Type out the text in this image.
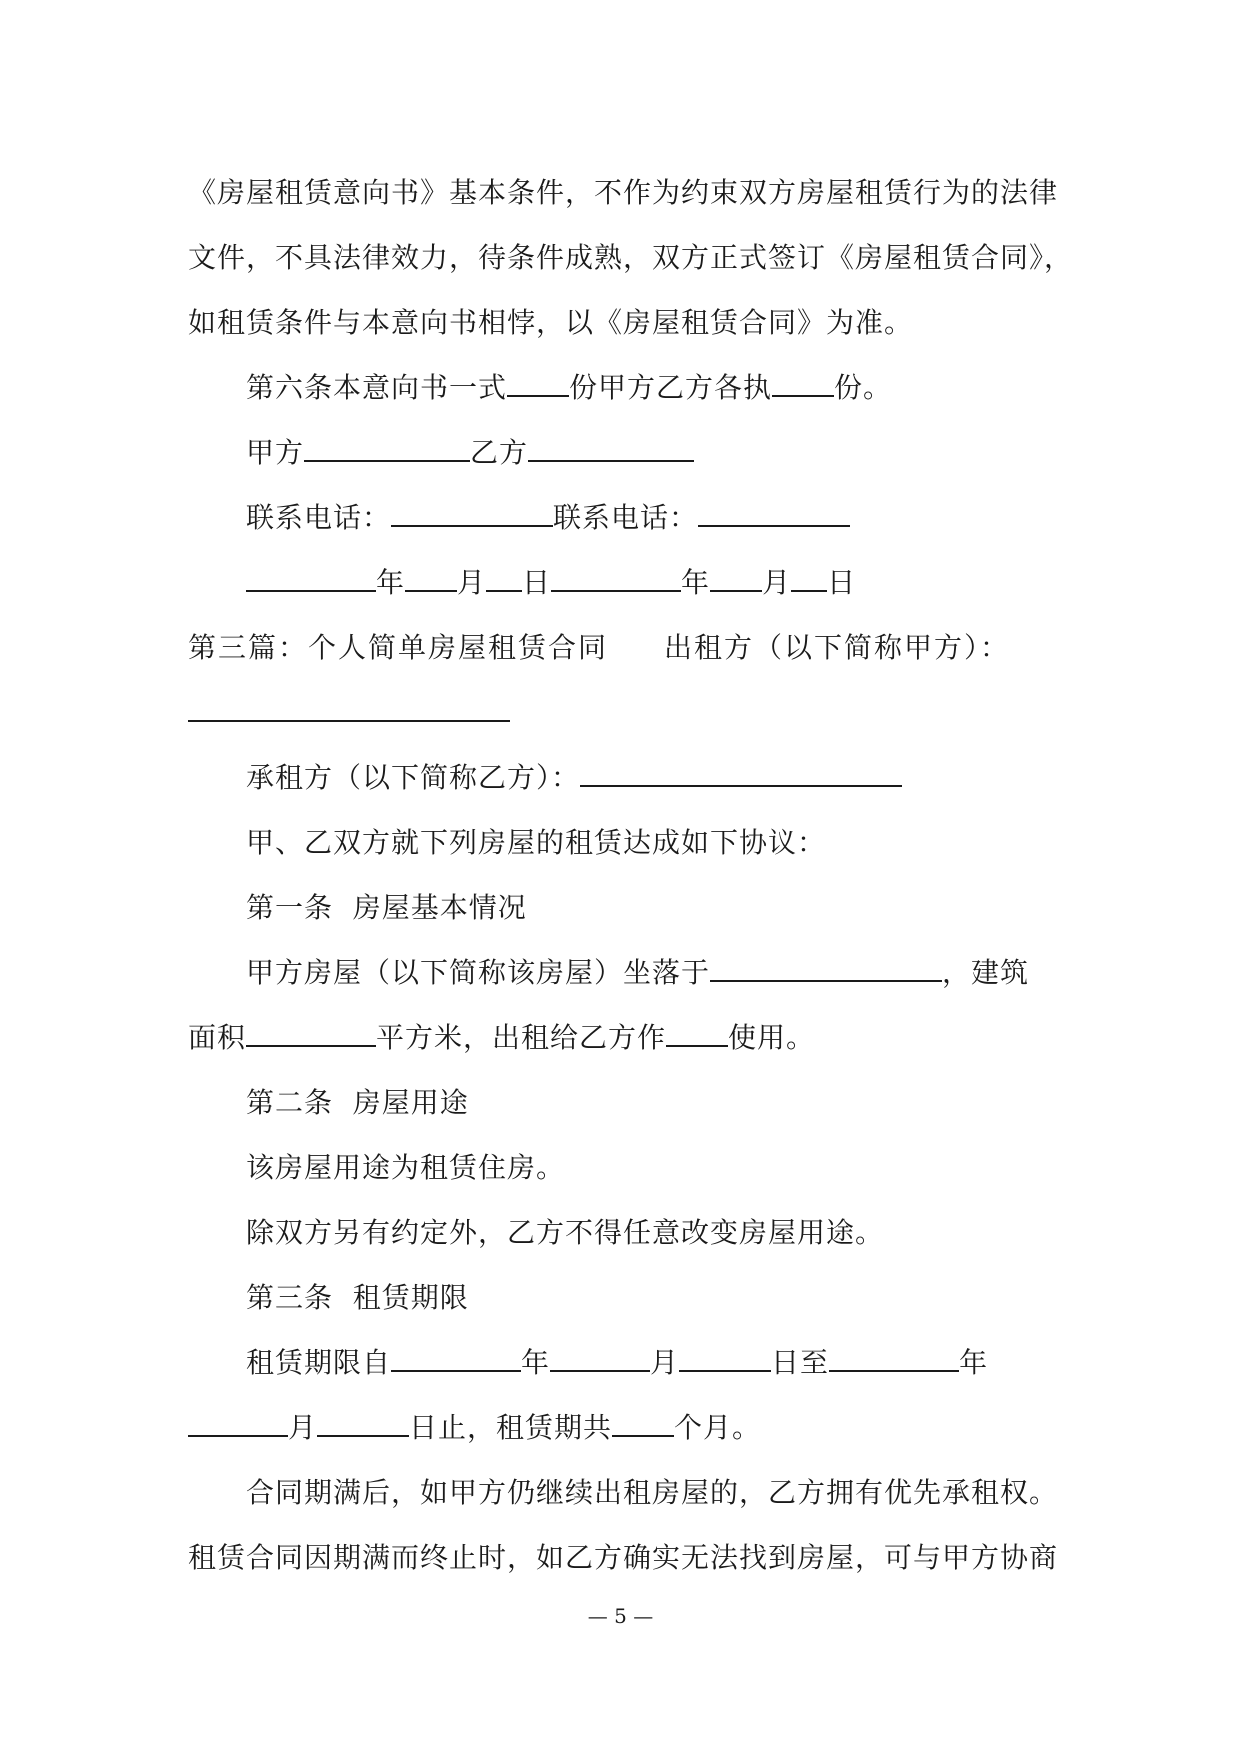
《房屋租赁意向书》基本条件，不作为约束双方房屋租赁行为的法律
文件，不具法律效力，待条件成熟，双方正式签订《房屋租赁合同》，
如租赁条件与本意向书相悖，以《房屋租赁合同》为准。
第六条本意向书一式 份甲方乙方各执 份。
甲方	乙方
联系电话：	联系电话：
年 月 日	年 月 日
第三篇：个人简单房屋租赁合同 出租方（以下简称甲方）：
承租方（以下简称乙方）：
甲、乙双方就下列房屋的租赁达成如下协议：
第一条  房屋基本情况
甲方房屋（以下简称该房屋）坐落于	，建筑
面积	平方米，出租给乙方作 使用。
第二条  房屋用途
该房屋用途为租赁住房。
除双方另有约定外，乙方不得任意改变房屋用途。
第三条  租赁期限
租赁期限自	年	月	日至	年
月	日止，租赁期共 个月。
合同期满后，如甲方仍继续出租房屋的，乙方拥有优先承租权。
租赁合同因期满而终止时，如乙方确实无法找到房屋，可与甲方协商
— 5 —
